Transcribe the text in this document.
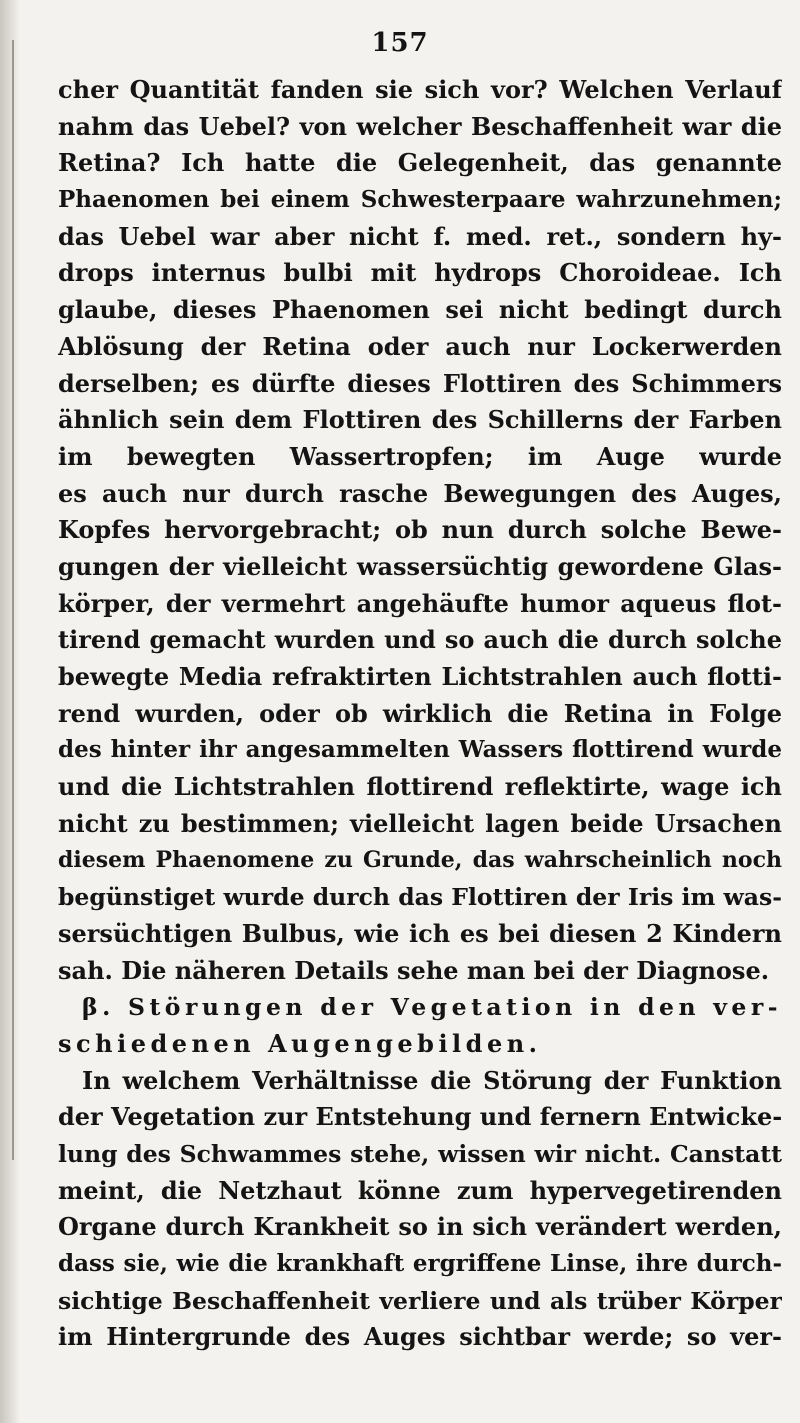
157
cher Quantität fanden sie sich vor? Welchen Verlauf
nahm das Uebel? von welcher Beschaffenheit war die
Retina? Ich hatte die Gelegenheit, das genannte
Phaenomen bei einem Schwesterpaare wahrzunehmen;
das Uebel war aber nicht f. med. ret., sondern hy-
drops internus bulbi mit hydrops Choroideae. Ich
glaube, dieses Phaenomen sei nicht bedingt durch
Ablösung der Retina oder auch nur Lockerwerden
derselben; es dürfte dieses Flottiren des Schimmers
ähnlich sein dem Flottiren des Schillerns der Farben
im bewegten Wassertropfen; im Auge wurde
es auch nur durch rasche Bewegungen des Auges,
Kopfes hervorgebracht; ob nun durch solche Bewe-
gungen der vielleicht wassersüchtig gewordene Glas-
körper, der vermehrt angehäufte humor aqueus flot-
tirend gemacht wurden und so auch die durch solche
bewegte Media refraktirten Lichtstrahlen auch flotti-
rend wurden, oder ob wirklich die Retina in Folge
des hinter ihr angesammelten Wassers flottirend wurde
und die Lichtstrahlen flottirend reflektirte, wage ich
nicht zu bestimmen; vielleicht lagen beide Ursachen
diesem Phaenomene zu Grunde, das wahrscheinlich noch
begünstiget wurde durch das Flottiren der Iris im was-
sersüchtigen Bulbus, wie ich es bei diesen 2 Kindern
sah. Die näheren Details sehe man bei der Diagnose.
β. Störungen der Vegetation in den ver-
schiedenen Augengebilden.
In welchem Verhältnisse die Störung der Funktion
der Vegetation zur Entstehung und fernern Entwicke-
lung des Schwammes stehe, wissen wir nicht. Canstatt
meint, die Netzhaut könne zum hypervegetirenden
Organe durch Krankheit so in sich verändert werden,
dass sie, wie die krankhaft ergriffene Linse, ihre durch-
sichtige Beschaffenheit verliere und als trüber Körper
im Hintergrunde des Auges sichtbar werde; so ver-
